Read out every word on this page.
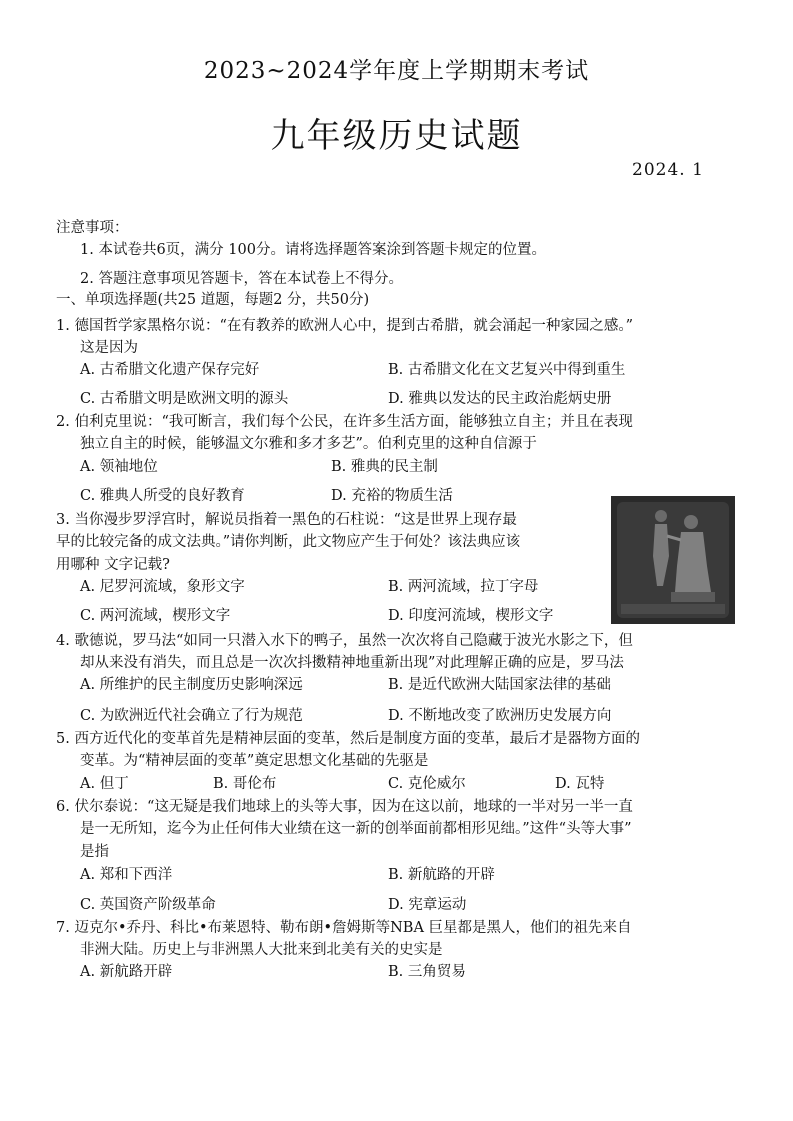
2023~2024学年度上学期期末考试
九年级历史试题
2024. 1
注意事项：
1. 本试卷共6页，满分 100分。请将选择题答案涂到答题卡规定的位置。
2. 答题注意事项见答题卡，答在本试卷上不得分。
一、单项选择题(共25 道题，每题2 分，共50分)
1. 德国哲学家黑格尔说：“在有教养的欧洲人心中，提到古希腊，就会涌起一种家园之感。”
这是因为
A. 古希腊文化遗产保存完好	B. 古希腊文化在文艺复兴中得到重生
C. 古希腊文明是欧洲文明的源头	D. 雅典以发达的民主政治彪炳史册
2. 伯利克里说：“我可断言，我们每个公民，在许多生活方面，能够独立自主；并且在表现
独立自主的时候，能够温文尔雅和多才多艺”。伯利克里的这种自信源于
A. 领袖地位	B. 雅典的民主制
C. 雅典人所受的良好教育	D. 充裕的物质生活
3. 当你漫步罗浮宫时，解说员指着一黑色的石柱说：“这是世界上现存最
早的比较完备的成文法典。”请你判断，此文物应产生于何处？该法典应该
用哪种 文字记载?
A. 尼罗河流域，象形文字	B. 两河流域，拉丁字母
C. 两河流域，楔形文字	D. 印度河流域，楔形文字
4. 歌德说，罗马法“如同一只潜入水下的鸭子，虽然一次次将自己隐藏于波光水影之下，但
却从来没有消失，而且总是一次次抖擞精神地重新出现”对此理解正确的应是，罗马法
A. 所维护的民主制度历史影响深远	B. 是近代欧洲大陆国家法律的基础
C. 为欧洲近代社会确立了行为规范	D. 不断地改变了欧洲历史发展方向
5. 西方近代化的变革首先是精神层面的变革，然后是制度方面的变革，最后才是器物方面的
变革。为“精神层面的变革”奠定思想文化基础的先驱是
A. 但丁	B. 哥伦布	C. 克伦威尔	D. 瓦特
6. 伏尔泰说：“这无疑是我们地球上的头等大事，因为在这以前，地球的一半对另一半一直
是一无所知，迄今为止任何伟大业绩在这一新的创举面前都相形见绌。”这件“头等大事”
是指
A. 郑和下西洋	B. 新航路的开辟
C. 英国资产阶级革命	D. 宪章运动
7. 迈克尔•乔丹、科比•布莱恩特、勒布朗•詹姆斯等NBA 巨星都是黑人，他们的祖先来自
非洲大陆。历史上与非洲黑人大批来到北美有关的史实是
A. 新航路开辟	B. 三角贸易
